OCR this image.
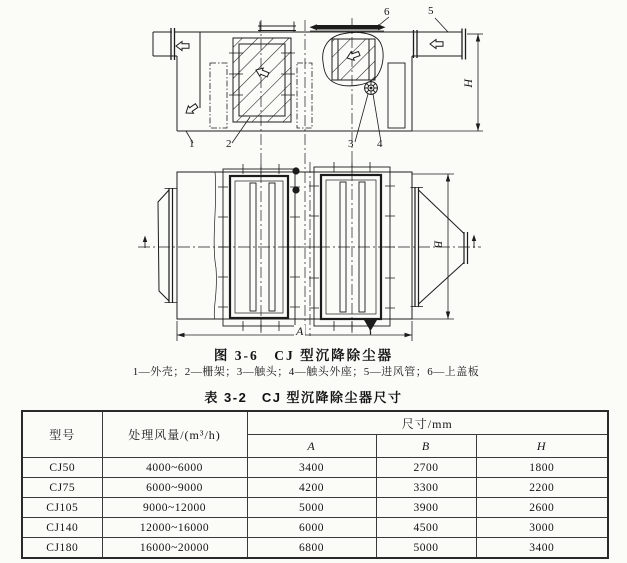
1	2	3 4
5
6
H
B
A
图 3-6　CJ 型沉降除尘器
1—外壳；2—栅架；3—触头；4—触头外座；5—进风管；6—上盖板
表 3-2　CJ 型沉降除尘器尺寸
型号	处理风量/(m³/h)	尺寸/mm		
		A	B	H
CJ50	4000~6000	3400	2700	1800
CJ75	6000~9000	4200	3300	2200
CJ105	9000~12000	5000	3900	2600
CJ140	12000~16000	6000	4500	3000
CJ180	16000~20000	6800	5000	3400
